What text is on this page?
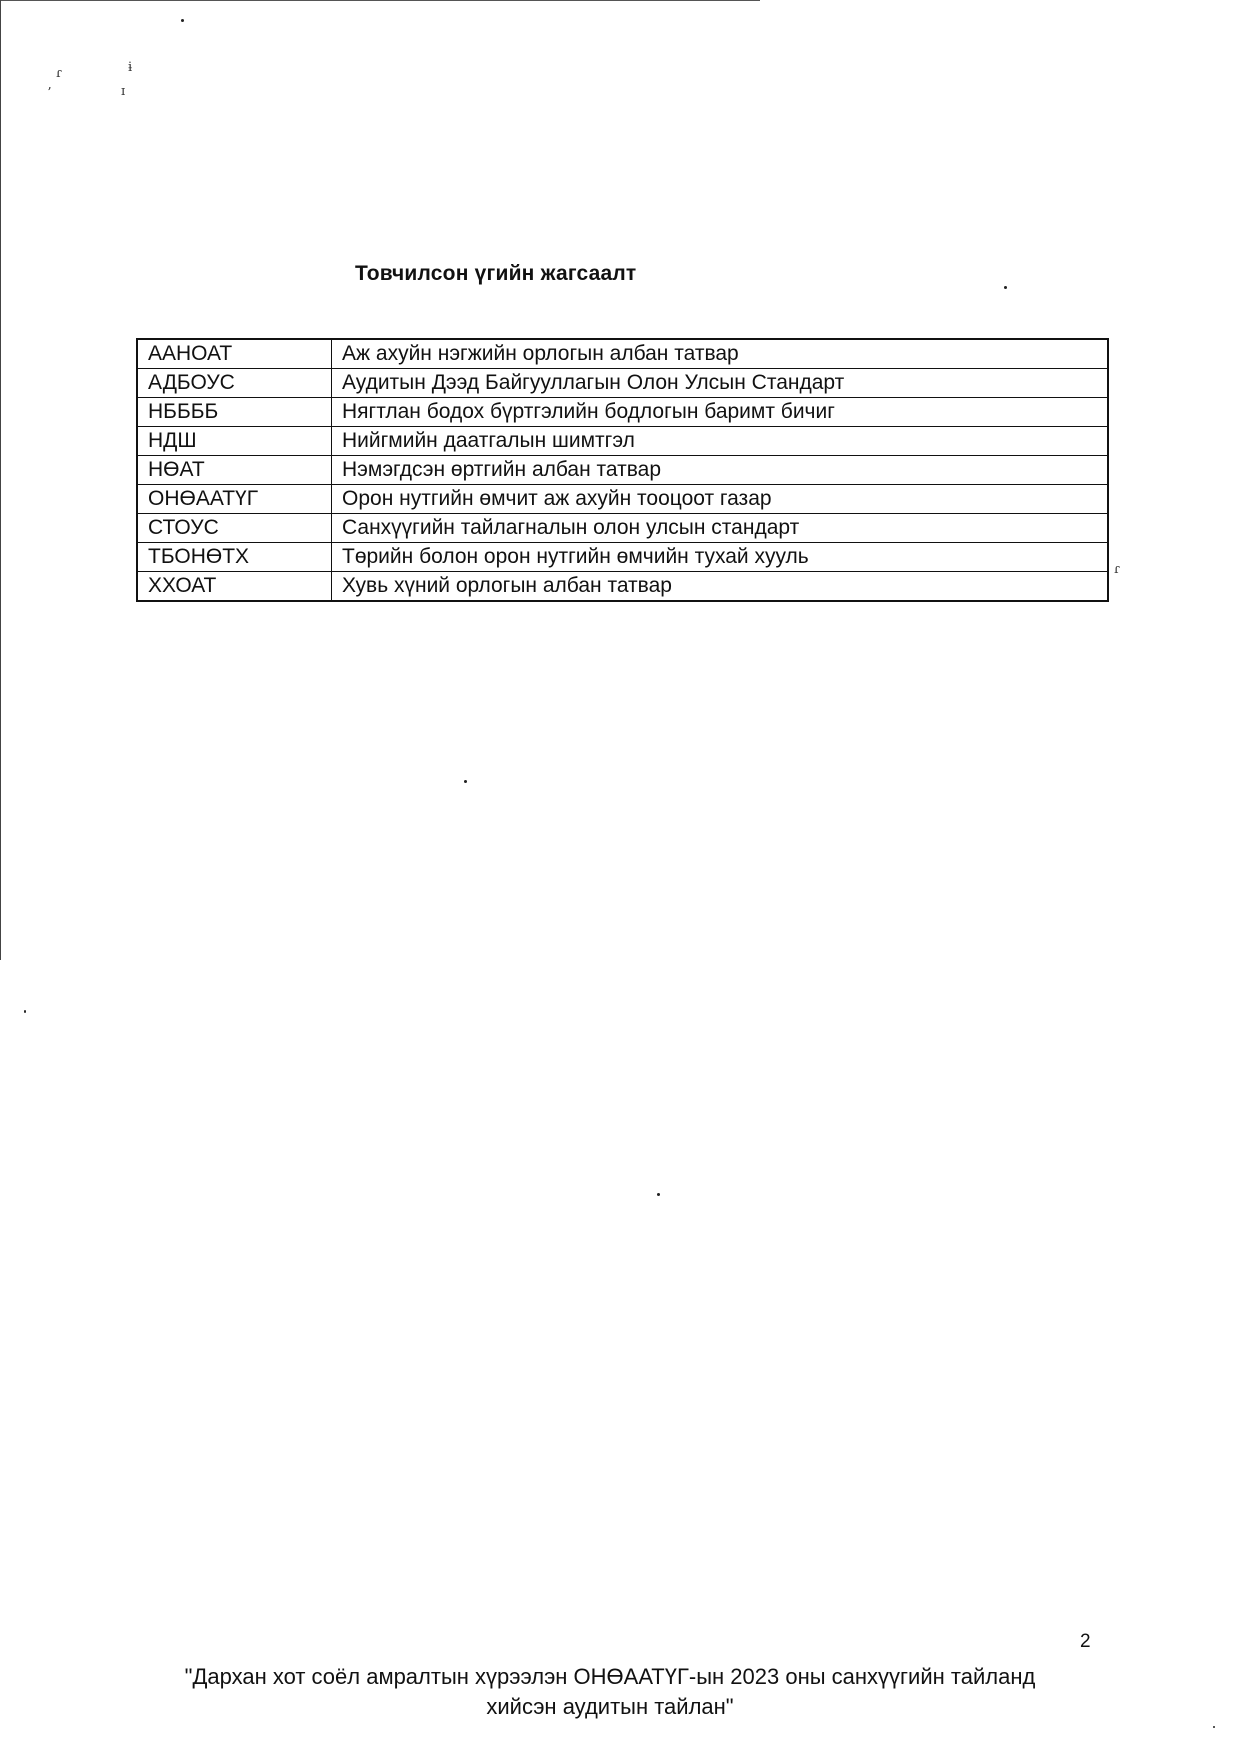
ɾ	ɨ
ʼ	ɪ
ɾ
Товчилсон үгийн жагсаалт
ААНОАТ	Аж ахуйн нэгжийн орлогын албан татвар
АДБОУС	Аудитын Дээд Байгууллагын Олон Улсын Стандарт
НББББ	Нягтлан бодох бүртгэлийн бодлогын баримт бичиг
НДШ	Нийгмийн даатгалын шимтгэл
НӨАТ	Нэмэгдсэн өртгийн албан татвар
ОНӨААТҮГ	Орон нутгийн өмчит аж ахуйн тооцоот газар
СТОУС	Санхүүгийн тайлагналын олон улсын стандарт
ТБОНӨТХ	Төрийн болон орон нутгийн өмчийн тухай хууль
ХХОАТ	Хувь хүний орлогын албан татвар
2
"Дархан хот соёл амралтын хүрээлэн ОНӨААТҮГ-ын 2023 оны санхүүгийн тайланд
хийсэн аудитын тайлан"
